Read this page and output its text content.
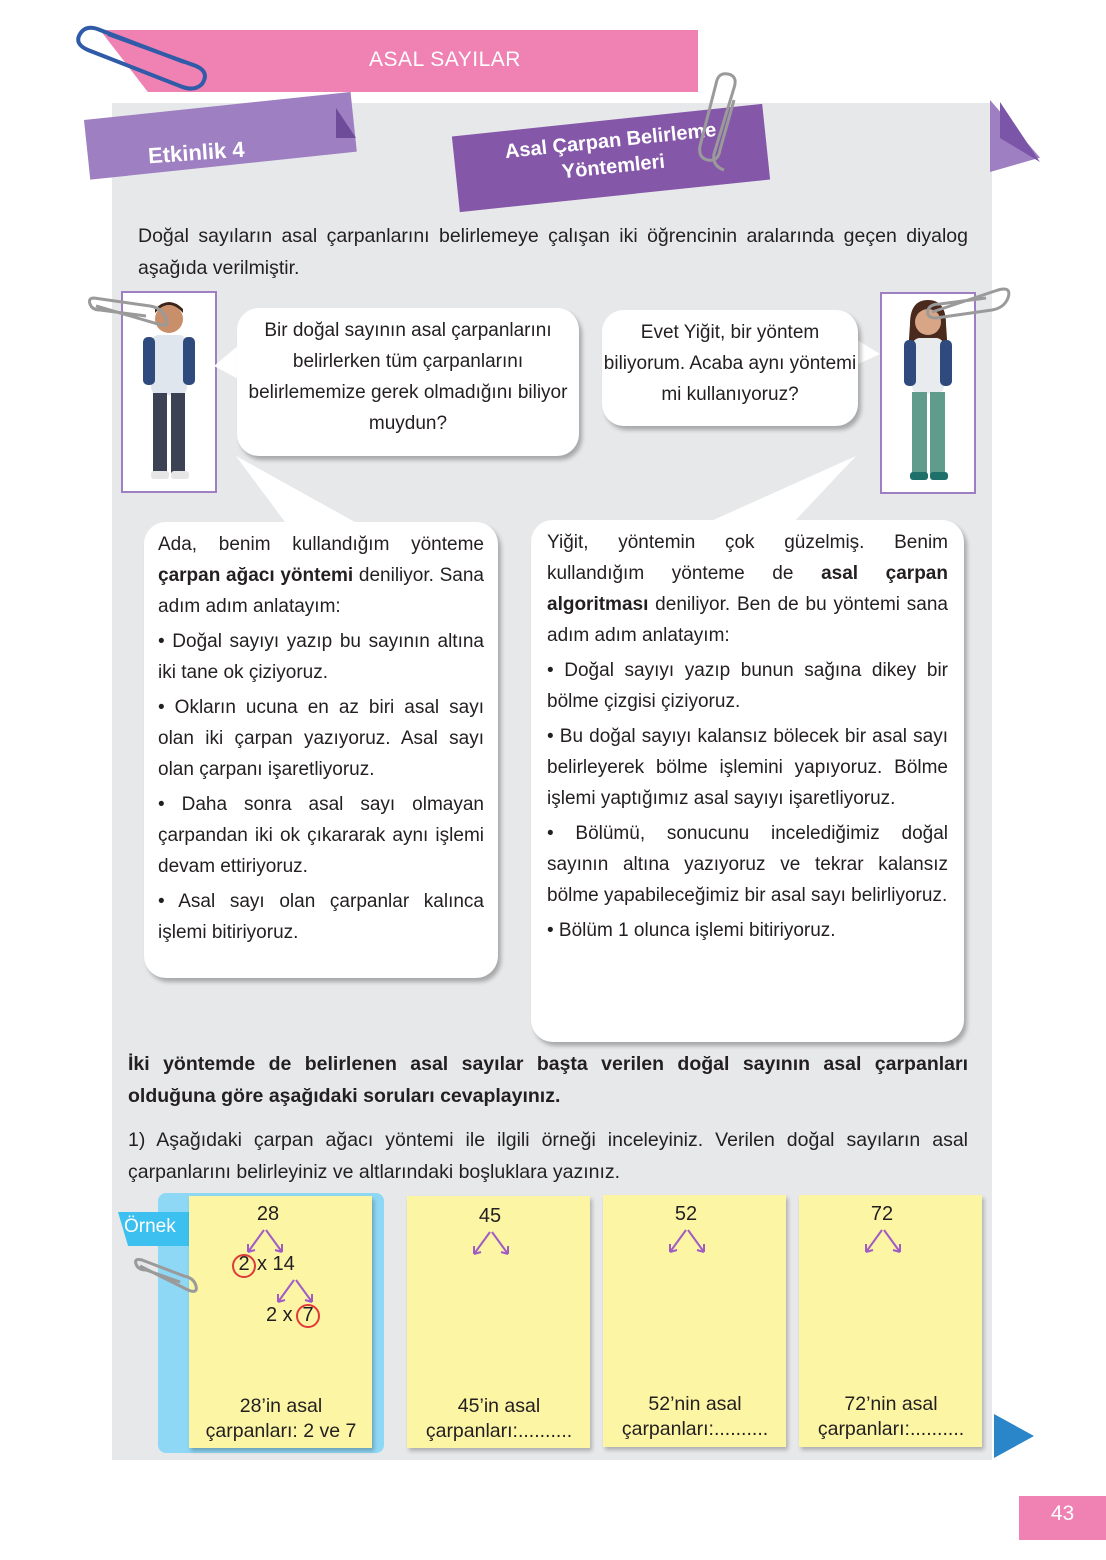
ASAL SAYILAR
Etkinlik 4	Asal Çarpan Belirleme Yöntemleri
Doğal sayıların asal çarpanlarını belirlemeye çalışan iki öğrencinin aralarında geçen diyalog aşağıda verilmiştir.
Bir doğal sayının asal çarpanlarını belirlerken tüm çarpanlarını belirlememize gerek olmadığını biliyor muydun?
Evet Yiğit, bir yöntem biliyorum. Acaba aynı yöntemi mi kullanıyoruz?

Ada, benim kullandığım yönteme çarpan ağacı yöntemi deniliyor. Sana adım adım anlatayım:

• Doğal sayıyı yazıp bu sayının altına iki tane ok çiziyoruz.

• Okların ucuna en az biri asal sayı olan iki çarpan yazıyoruz. Asal sayı olan çarpanı işaretliyoruz.

• Daha sonra asal sayı olmayan çarpandan iki ok çıkararak aynı işlemi devam ettiriyoruz.

• Asal sayı olan çarpanlar kalınca işlemi bitiriyoruz.

Yiğit, yöntemin çok güzelmiş. Benim kullandığım yönteme de asal çarpan algoritması deniliyor. Ben de bu yöntemi sana adım adım anlatayım:

• Doğal sayıyı yazıp bunun sağına dikey bir bölme çizgisi çiziyoruz.

• Bu doğal sayıyı kalansız bölecek bir asal sayı belirleyerek bölme işlemini yapıyoruz. Bölme işlemi yaptığımız asal sayıyı işaretliyoruz.

• Bölümü, sonucunu incelediğimiz doğal sayının altına yazıyoruz ve tekrar kalansız bölme yapabileceğimiz bir asal sayı belirliyoruz.

• Bölüm 1 olunca işlemi bitiriyoruz.

İki yöntemde de belirlenen asal sayılar başta verilen doğal sayının asal çarpanları olduğuna göre aşağıdaki soruları cevaplayınız.
1) Aşağıdaki çarpan ağacı yöntemi ile ilgili örneği inceleyiniz. Verilen doğal sayıların asal çarpanlarını belirleyiniz ve altlarındaki boşluklara yazınız.
Örnek
28
2 x 14
2 x 7
28’in asal
çarpanları: 2 ve 7
45
45’in asal
çarpanları:..........
52
52’nin asal
çarpanları:..........
72
72’nin asal
çarpanları:..........
43
